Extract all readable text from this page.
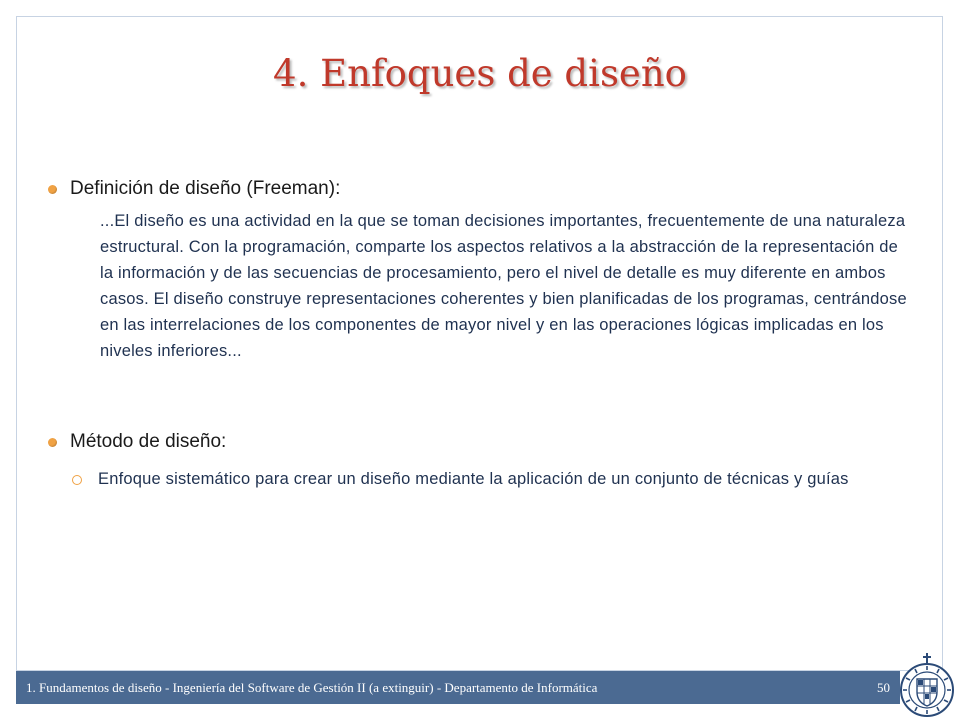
4. Enfoques de diseño
Definición de diseño (Freeman):
...El diseño es una actividad en la que se toman decisiones importantes, frecuentemente de una naturaleza estructural. Con la programación, comparte los aspectos relativos a la abstracción de la representación de la información y de las secuencias de procesamiento, pero el nivel de detalle es muy diferente en ambos casos. El diseño construye representaciones coherentes y bien planificadas de los programas, centrándose en las interrelaciones de los componentes de mayor nivel y en las operaciones lógicas implicadas en los niveles inferiores...
Método de diseño:
Enfoque sistemático para crear un diseño mediante la aplicación de un conjunto de técnicas y guías
1. Fundamentos de diseño - Ingeniería del Software de Gestión II (a extinguir) - Departamento de Informática	50
